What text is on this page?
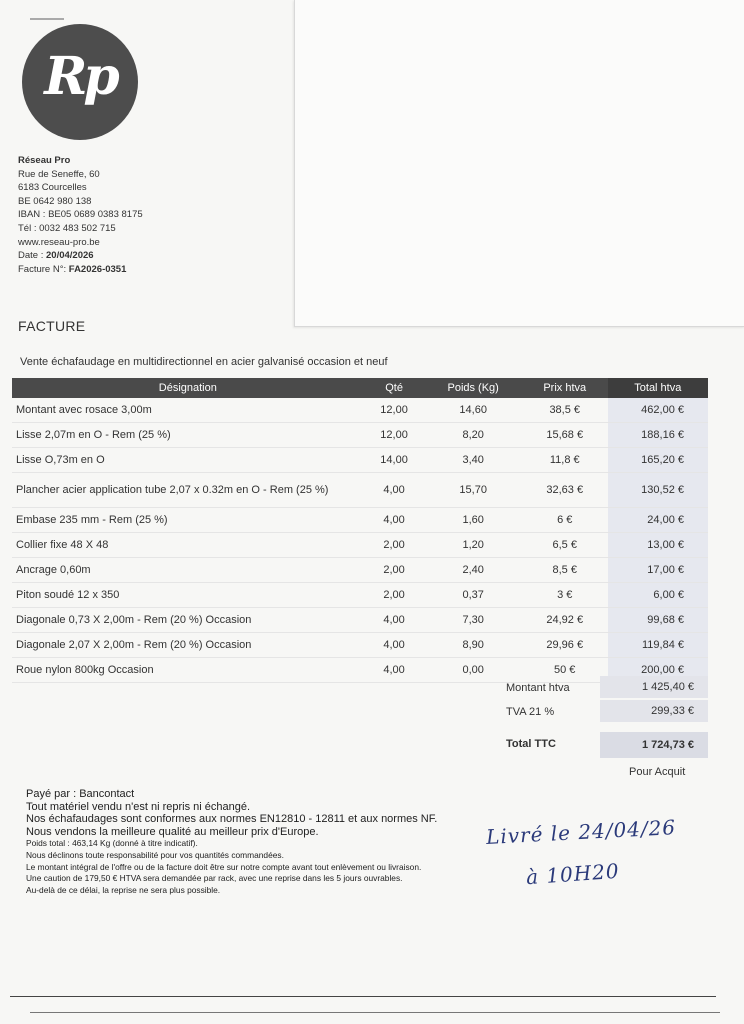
Rp
Réseau Pro
Rue de Seneffe, 60
6183 Courcelles
BE 0642 980 138
IBAN : BE05 0689 0383 8175
Tél : 0032 483 502 715
www.reseau-pro.be
Date : 20/04/2026
Facture N°: FA2026-0351
FACTURE
Vente échafaudage en multidirectionnel en acier galvanisé occasion et neuf
Désignation	Qté	Poids (Kg)	Prix htva	Total htva
Montant avec rosace 3,00m	12,00	14,60	38,5 €	462,00 €
Lisse 2,07m en O - Rem (25 %)	12,00	8,20	15,68 €	188,16 €
Lisse O,73m en O	14,00	3,40	11,8 €	165,20 €
Plancher acier application tube 2,07 x 0.32m en O - Rem (25 %)	4,00	15,70	32,63 €	130,52 €
Embase 235 mm - Rem (25 %)	4,00	1,60	6 €	24,00 €
Collier fixe 48 X 48	2,00	1,20	6,5 €	13,00 €
Ancrage 0,60m	2,00	2,40	8,5 €	17,00 €
Piton soudé 12 x 350	2,00	0,37	3 €	6,00 €
Diagonale 0,73 X 2,00m - Rem (20 %) Occasion	4,00	7,30	24,92 €	99,68 €
Diagonale 2,07 X 2,00m - Rem (20 %) Occasion	4,00	8,90	29,96 €	119,84 €
Roue nylon 800kg Occasion	4,00	0,00	50 €	200,00 €
Montant htva	1 425,40 €
TVA 21 %	299,33 €
Total TTC	1 724,73 €
Pour Acquit
Payé par : Bancontact
Tout matériel vendu n'est ni repris ni échangé.
Nos échafaudages sont conformes aux normes EN12810 - 12811 et aux normes NF.
Nous vendons la meilleure qualité au meilleur prix d'Europe.
Poids total : 463,14 Kg (donné à titre indicatif).
Nous déclinons toute responsabilité pour vos quantités commandées.
Le montant intégral de l'offre ou de la facture doit être sur notre compte avant tout enlèvement ou livraison.
Une caution de 179,50 € HTVA sera demandée par rack, avec une reprise dans les 5 jours ouvrables.
Au-delà de ce délai, la reprise ne sera plus possible.
Livré le 24/04/26
à 10H20
